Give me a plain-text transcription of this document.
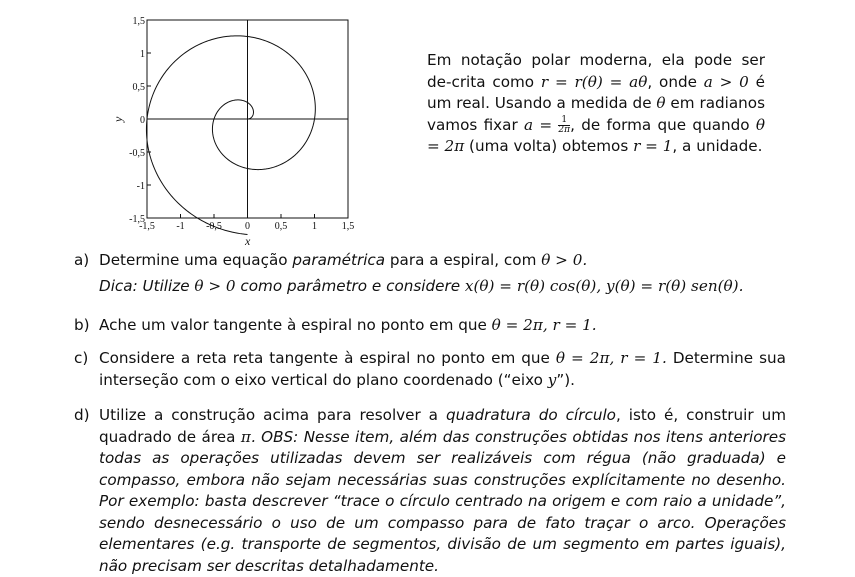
-1,5 -1 -0,5 0 0,5 1 1,5
-1,5
-1
-0,5
0
0,5
1
1,5
x
y
Em notação polar moderna, ela pode ser de-crita como r = r(θ) = aθ, onde a > 0 é um real. Usando a medida de θ em radianos vamos fixar $a = \frac{1}{2\pi}$ , de forma que quando θ = 2π (uma volta) obtemos r = 1, a unidade.
a) Determine uma equação paramétrica para a espiral, com θ > 0.
Dica: Utilize θ > 0 como parâmetro e considere x(θ) = r(θ) cos(θ), y(θ) = r(θ) sen(θ).
b) Ache um valor tangente à espiral no ponto em que θ = 2π, r = 1.
c) Considere a reta reta tangente à espiral no ponto em que θ = 2π, r = 1. Determine sua interseção com o eixo vertical do plano coordenado (“eixo y”).
d) Utilize a construção acima para resolver a quadratura do círculo, isto é, construir um quadrado de área π. OBS: Nesse item, além das construções obtidas nos itens anteriores todas as operações utilizadas devem ser realizáveis com régua (não graduada) e compasso, embora não sejam necessárias suas construções explícitamente no desenho. Por exemplo: basta descrever “trace o círculo centrado na origem e com raio a unidade”, sendo desnecessário o uso de um compasso para de fato traçar o arco. Operações elementares (e.g. transporte de segmentos, divisão de um segmento em partes iguais), não precisam ser descritas detalhadamente.
